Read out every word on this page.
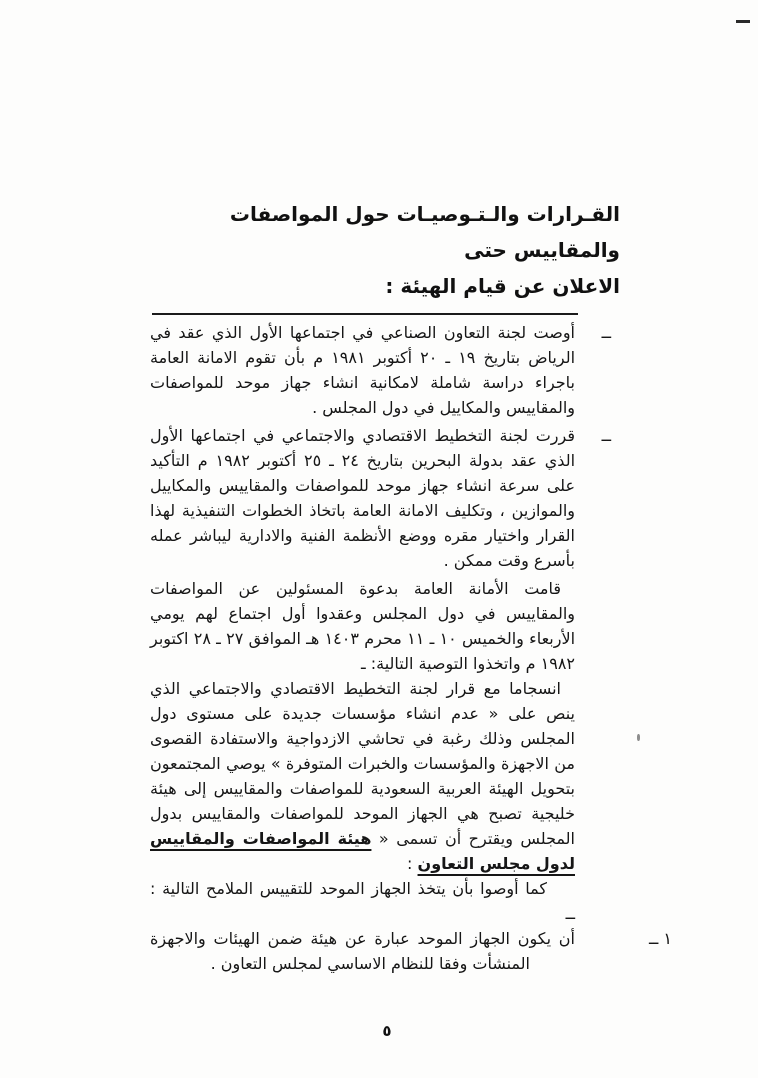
القـرارات والـتـوصيـات حول المواصفات والمقاييس حتى
الاعلان عن قيام الهيئة :

ــ
أوصت لجنة التعاون الصناعي في اجتماعها الأول الذي عقد في الرياض بتاريخ ١٩ ـ ٢٠ أكتوبر ١٩٨١ م بأن تقوم الامانة العامة باجراء دراسة شاملة لامكانية انشاء جهاز موحد للمواصفات والمقاييس والمكاييل في دول المجلس .

ــ
قررت لجنة التخطيط الاقتصادي والاجتماعي في اجتماعها الأول الذي عقد بدولة البحرين بتاريخ ٢٤ ـ ٢٥ أكتوبر ١٩٨٢ م التأكيد على سرعة انشاء جهاز موحد للمواصفات والمقاييس والمكاييل والموازين ، وتكليف الامانة العامة باتخاذ الخطوات التنفيذية لهذا القرار واختيار مقره ووضع الأنظمة الفنية والادارية ليباشر عمله بأسرع وقت ممكن .

قامت الأمانة العامة بدعوة المسئولين عن المواصفات والمقاييس في دول المجلس وعقدوا أول اجتماع لهم يومي الأربعاء والخميس ١٠ ـ ١١ محرم ١٤٠٣ هـ الموافق ٢٧ ـ ٢٨ اكتوبر ١٩٨٢ م واتخذوا التوصية التالية: ـ

انسجاما مع قرار لجنة التخطيط الاقتصادي والاجتماعي الذي ينص على « عدم انشاء مؤسسات جديدة على مستوى دول المجلس وذلك رغبة في تحاشي الازدواجية والاستفادة القصوى من الاجهزة والمؤسسات والخبرات المتوفرة » يوصي المجتمعون بتحويل الهيئة العربية السعودية للمواصفات والمقاييس إلى هيئة خليجية تصبح هي الجهاز الموحد للمواصفات والمقاييس بدول المجلس ويقترح أن تسمى « هيئة المواصفات والمقاييس لدول مجلس التعاون :

كما أوصوا بأن يتخذ الجهاز الموحد للتقييس الملامح التالية : ــ

١ ــ
أن يكون الجهاز الموحد عبارة عن هيئة ضمن الهيئات والاجهزة المنشأت وفقا للنظام الاساسي لمجلس التعاون .

٥
